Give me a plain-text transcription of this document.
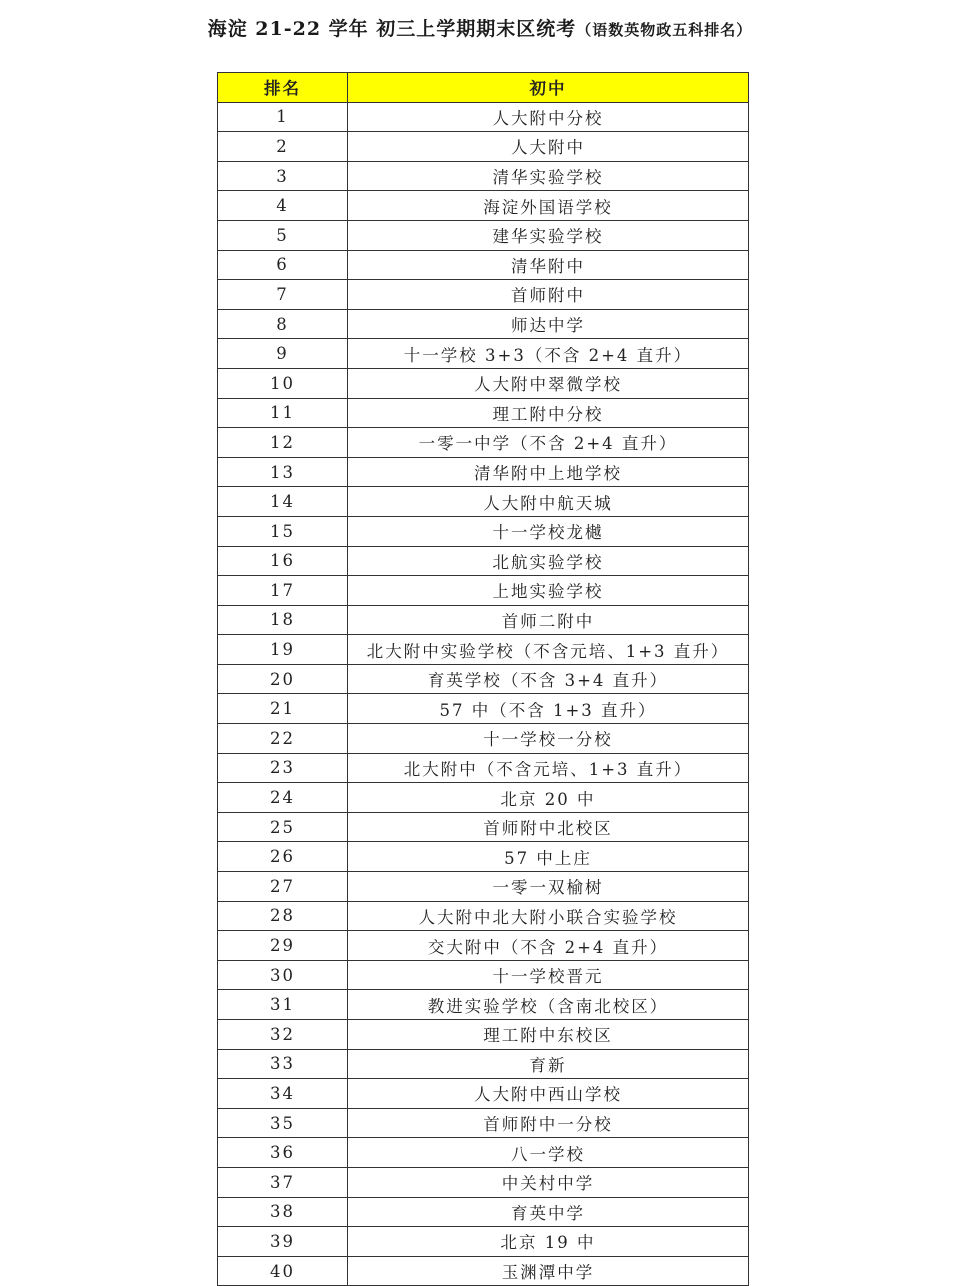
海淀 21-22 学年 初三上学期期末区统考（语数英物政五科排名）
排名	初中
1	人大附中分校
2	人大附中
3	清华实验学校
4	海淀外国语学校
5	建华实验学校
6	清华附中
7	首师附中
8	师达中学
9	十一学校 3+3（不含 2+4 直升）
10	人大附中翠微学校
11	理工附中分校
12	一零一中学（不含 2+4 直升）
13	清华附中上地学校
14	人大附中航天城
15	十一学校龙樾
16	北航实验学校
17	上地实验学校
18	首师二附中
19	北大附中实验学校（不含元培、1+3 直升）
20	育英学校（不含 3+4 直升）
21	57 中（不含 1+3 直升）
22	十一学校一分校
23	北大附中（不含元培、1+3 直升）
24	北京 20 中
25	首师附中北校区
26	57 中上庄
27	一零一双榆树
28	人大附中北大附小联合实验学校
29	交大附中（不含 2+4 直升）
30	十一学校晋元
31	教进实验学校（含南北校区）
32	理工附中东校区
33	育新
34	人大附中西山学校
35	首师附中一分校
36	八一学校
37	中关村中学
38	育英中学
39	北京 19 中
40	玉渊潭中学
